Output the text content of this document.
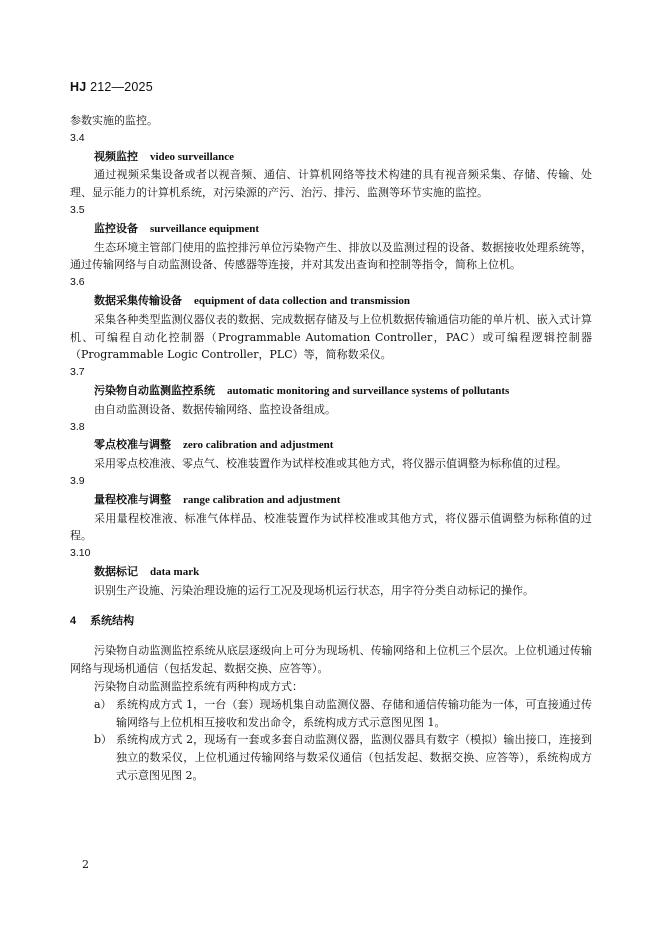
HJ 212—2025

参数实施的监控。

3.4

视频监控 video surveillance

通过视频采集设备或者以视音频、通信、计算机网络等技术构建的具有视音频采集、存储、传输、处理、显示能力的计算机系统，对污染源的产污、治污、排污、监测等环节实施的监控。

3.5

监控设备 surveillance equipment

生态环境主管部门使用的监控排污单位污染物产生、排放以及监测过程的设备、数据接收处理系统等，通过传输网络与自动监测设备、传感器等连接，并对其发出查询和控制等指令，简称上位机。

3.6

数据采集传输设备 equipment of data collection and transmission

采集各种类型监测仪器仪表的数据、完成数据存储及与上位机数据传输通信功能的单片机、嵌入式计算机、可编程自动化控制器（Programmable Automation Controller，PAC）或可编程逻辑控制器（Programmable Logic Controller，PLC）等，简称数采仪。

3.7

污染物自动监测监控系统 automatic monitoring and surveillance systems of pollutants

由自动监测设备、数据传输网络、监控设备组成。

3.8

零点校准与调整 zero calibration and adjustment

采用零点校准液、零点气、校准装置作为试样校准或其他方式，将仪器示值调整为标称值的过程。

3.9

量程校准与调整 range calibration and adjustment

采用量程校准液、标准气体样品、校准装置作为试样校准或其他方式，将仪器示值调整为标称值的过程。

3.10

数据标记 data mark

识别生产设施、污染治理设施的运行工况及现场机运行状态，用字符分类自动标记的操作。

4 系统结构

污染物自动监测监控系统从底层逐级向上可分为现场机、传输网络和上位机三个层次。上位机通过传输网络与现场机通信（包括发起、数据交换、应答等）。

污染物自动监测监控系统有两种构成方式：

a） 系统构成方式 1，一台（套）现场机集自动监测仪器、存储和通信传输功能为一体，可直接通过传输网络与上位机相互接收和发出命令，系统构成方式示意图见图 1。
b） 系统构成方式 2，现场有一套或多套自动监测仪器，监测仪器具有数字（模拟）输出接口，连接到独立的数采仪，上位机通过传输网络与数采仪通信（包括发起、数据交换、应答等），系统构成方式示意图见图 2。
2
